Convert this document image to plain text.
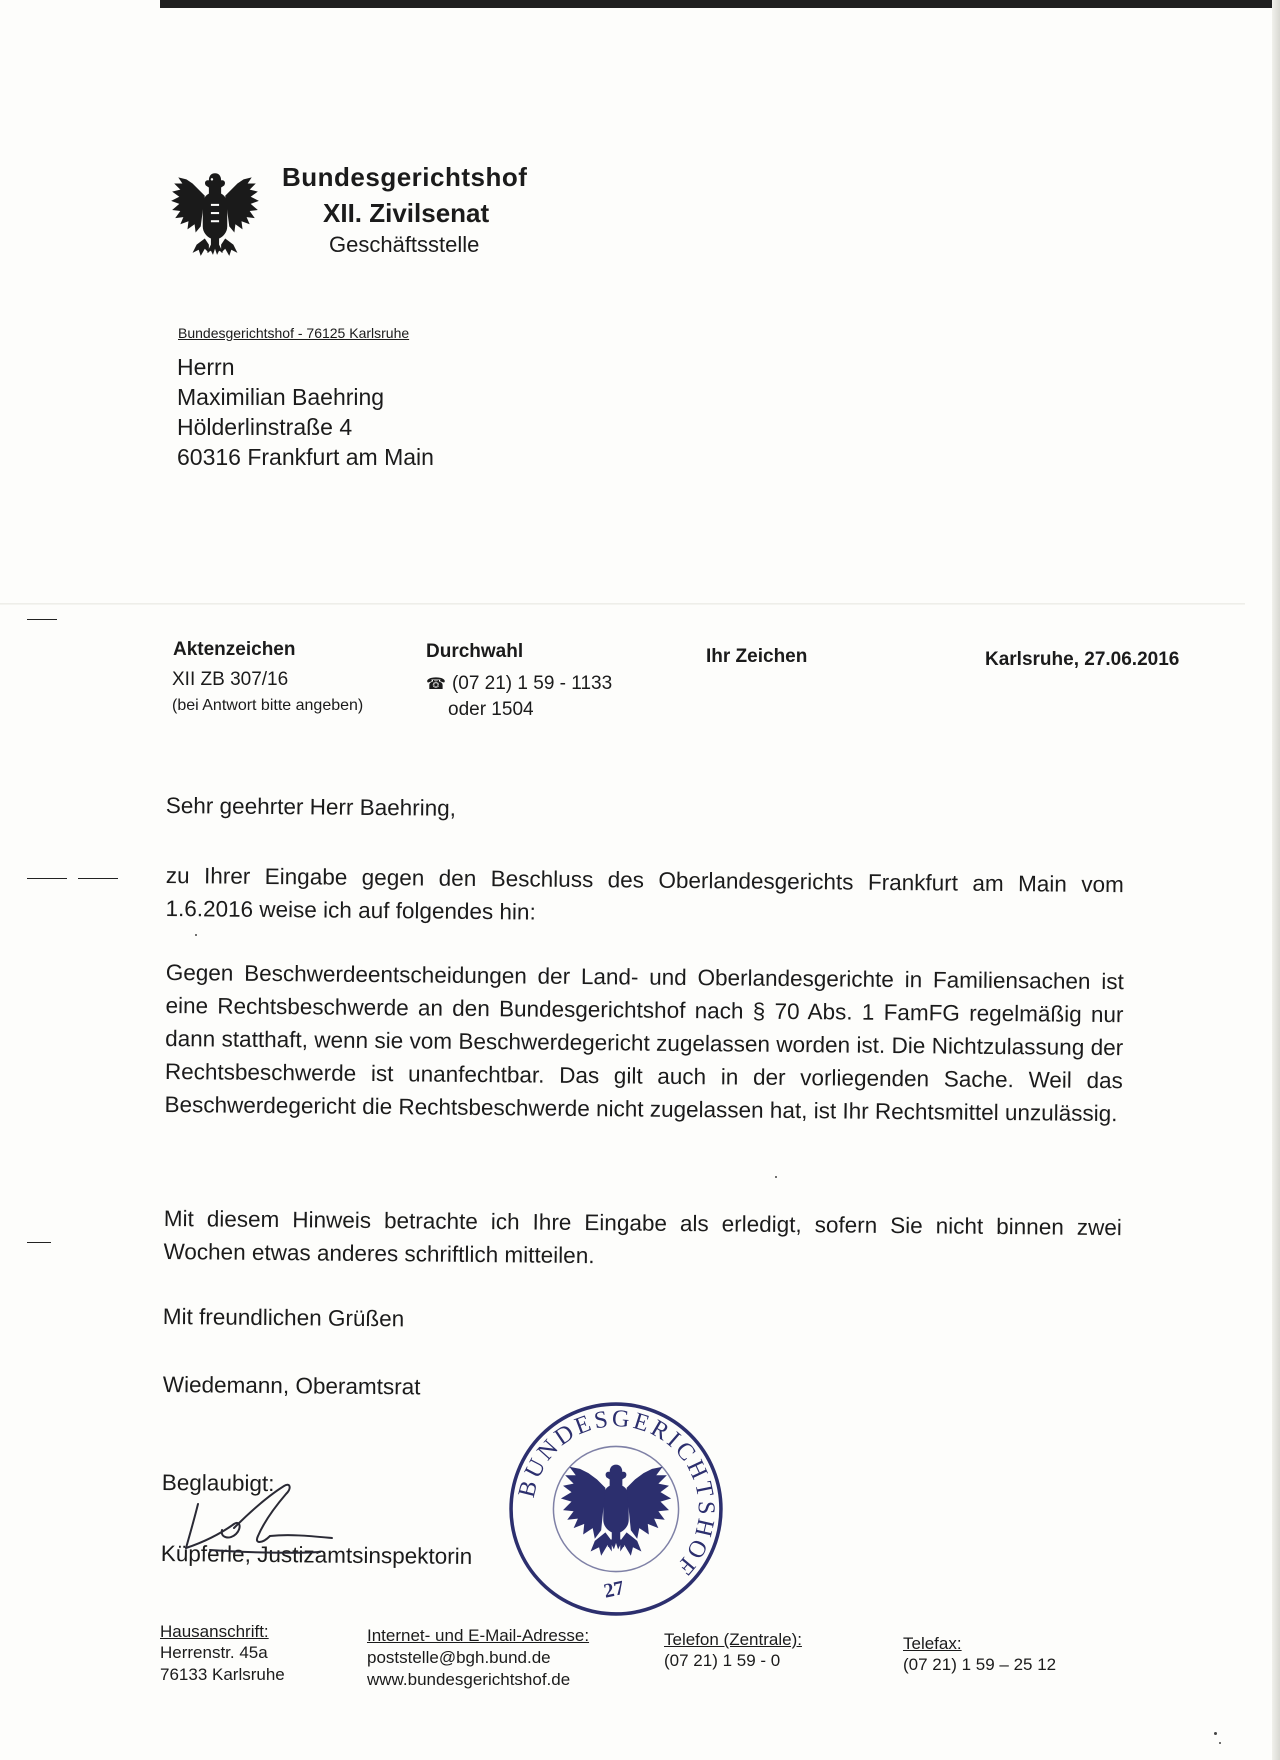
Bundesgerichtshof
XII. Zivilsenat
Geschäftsstelle
Bundesgerichtshof - 76125 Karlsruhe
Herrn
Maximilian Baehring
Hölderlinstraße 4
60316 Frankfurt am Main
Aktenzeichen
XII ZB 307/16
(bei Antwort bitte angeben)
Durchwahl
☎ (07 21) 1 59 - 1133
oder 1504
Ihr Zeichen	Karlsruhe, 27.06.2016
Sehr geehrter Herr Baehring,
zu Ihrer Eingabe gegen den Beschluss des Oberlandesgerichts Frankfurt am Main vom 1.6.2016 weise ich auf folgendes hin:
Gegen Beschwerdeentscheidungen der Land- und Oberlandesgerichte in Familiensachen ist eine Rechtsbeschwerde an den Bundesgerichtshof nach § 70 Abs. 1 FamFG regelmäßig nur dann statthaft, wenn sie vom Beschwerdegericht zugelassen worden ist. Die Nichtzulassung der Rechtsbeschwerde ist unanfechtbar. Das gilt auch in der vorliegenden Sache. Weil das Beschwerdegericht die Rechtsbeschwerde nicht zugelassen hat, ist Ihr Rechtsmittel unzulässig.
Mit diesem Hinweis betrachte ich Ihre Eingabe als erledigt, sofern Sie nicht binnen zwei Wochen etwas anderes schriftlich mitteilen.
Mit freundlichen Grüßen
Wiedemann, Oberamtsrat
Beglaubigt:
Küpferle, Justizamtsinspektorin
BUNDESGERICHTSHOF
27
Hausanschrift:
Herrenstr. 45a
76133 Karlsruhe
Internet- und E-Mail-Adresse:
poststelle@bgh.bund.de
www.bundesgerichtshof.de
Telefon (Zentrale):
(07 21) 1 59 - 0
Telefax:
(07 21) 1 59 – 25 12
